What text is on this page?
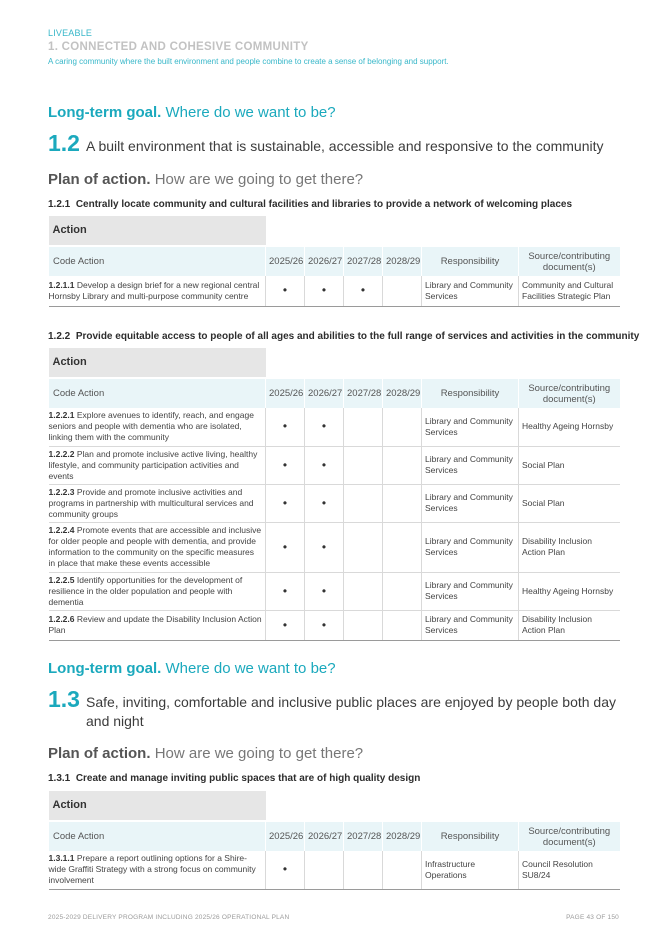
LIVEABLE
1. CONNECTED AND COHESIVE COMMUNITY
A caring community where the built environment and people combine to create a sense of belonging and support.
Long-term goal. Where do we want to be?
1.2 A built environment that is sustainable, accessible and responsive to the community
Plan of action. How are we going to get there?
1.2.1 Centrally locate community and cultural facilities and libraries to provide a network of welcoming places
Action						
Code Action	2025/26	2026/27	2027/28	2028/29	Responsibility	Source/contributing document(s)
1.2.1.1 Develop a design brief for a new regional central Hornsby Library and multi-purpose community centre	•	•	•		Library and Community Services	Community and Cultural Facilities Strategic Plan
1.2.2 Provide equitable access to people of all ages and abilities to the full range of services and activities in the community
Action						
Code Action	2025/26	2026/27	2027/28	2028/29	Responsibility	Source/contributing document(s)
1.2.2.1 Explore avenues to identify, reach, and engage seniors and people with dementia who are isolated, linking them with the community	•	•			Library and Community Services	Healthy Ageing Hornsby
1.2.2.2 Plan and promote inclusive active living, healthy lifestyle, and community participation activities and events	•	•			Library and Community Services	Social Plan
1.2.2.3 Provide and promote inclusive activities and programs in partnership with multicultural services and community groups	•	•			Library and Community Services	Social Plan
1.2.2.4 Promote events that are accessible and inclusive for older people and people with dementia, and provide information to the community on the specific measures in place that make these events accessible	•	•			Library and Community Services	Disability Inclusion Action Plan
1.2.2.5 Identify opportunities for the development of resilience in the older population and people with dementia	•	•			Library and Community Services	Healthy Ageing Hornsby
1.2.2.6 Review and update the Disability Inclusion Action Plan	•	•			Library and Community Services	Disability Inclusion Action Plan
Long-term goal. Where do we want to be?
1.3 Safe, inviting, comfortable and inclusive public places are enjoyed by people both day and night
Plan of action. How are we going to get there?
1.3.1 Create and manage inviting public spaces that are of high quality design
Action						
Code Action	2025/26	2026/27	2027/28	2028/29	Responsibility	Source/contributing document(s)
1.3.1.1 Prepare a report outlining options for a Shire-wide Graffiti Strategy with a strong focus on community involvement	•				Infrastructure Operations	Council Resolution SU8/24
2025-2029 DELIVERY PROGRAM INCLUDING 2025/26 OPERATIONAL PLAN	PAGE 43 OF 150
